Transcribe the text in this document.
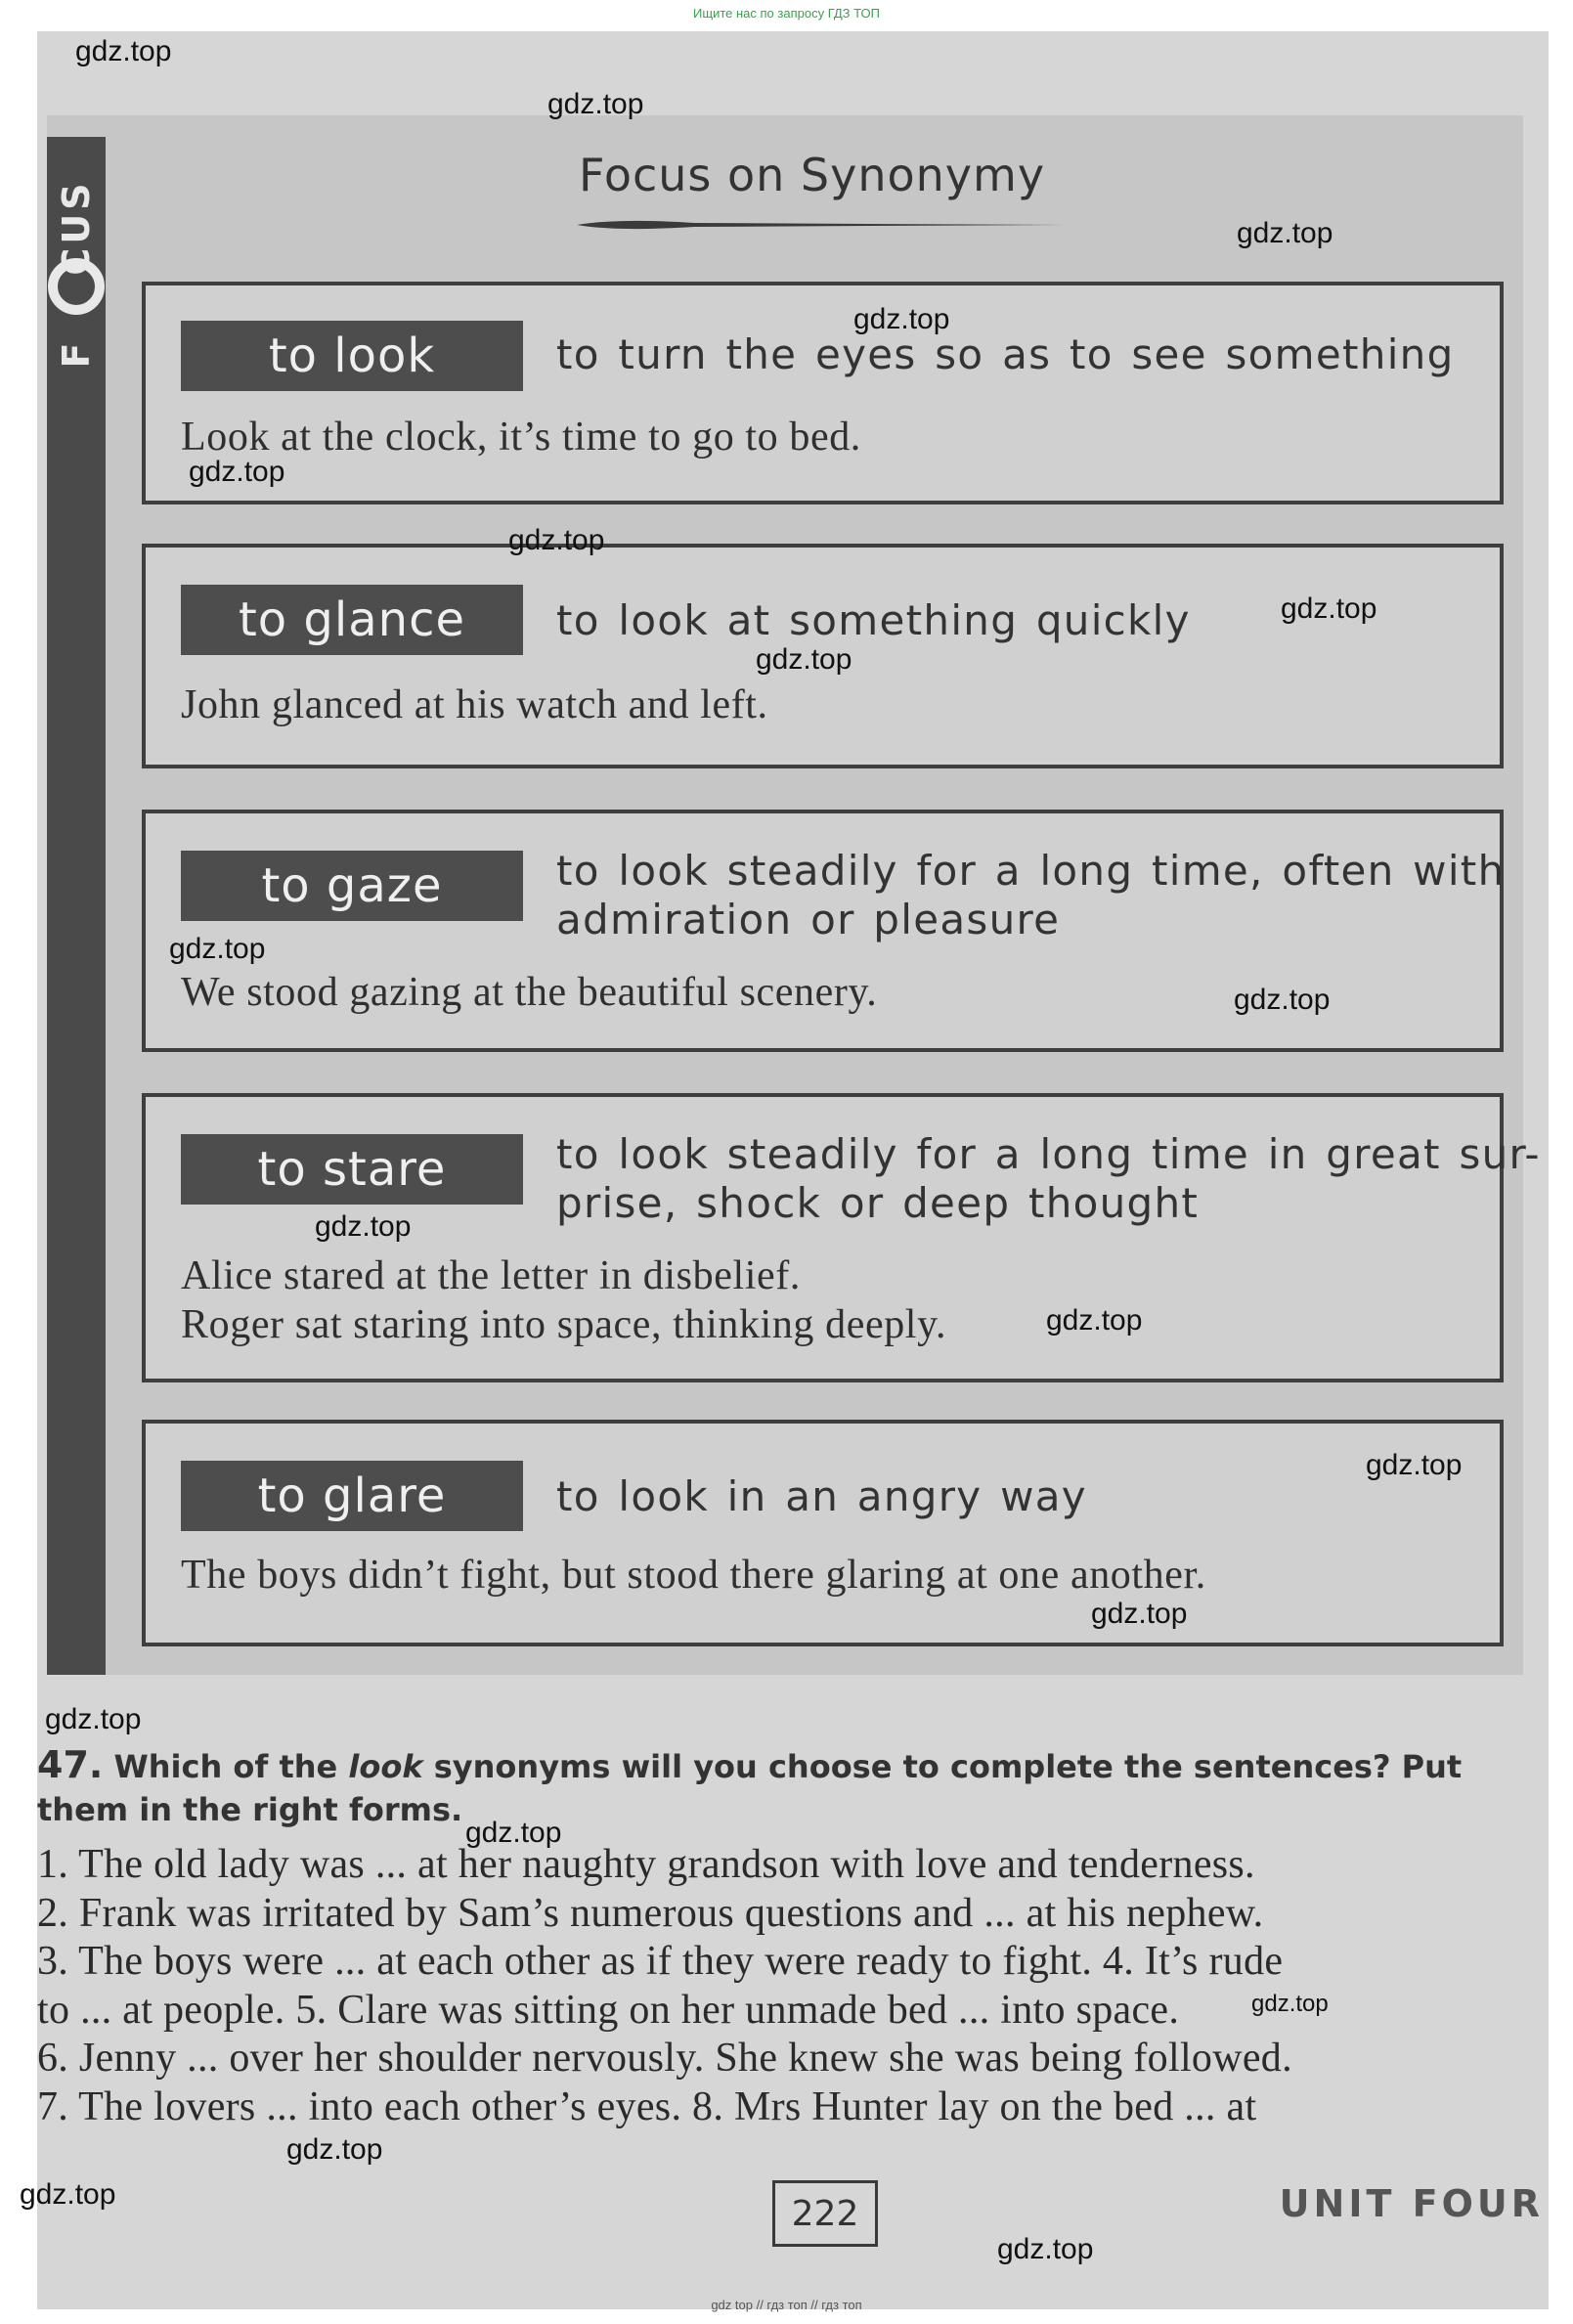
Ищите нас по запросу ГДЗ ТОП
F  CUS
Focus on Synonymy
to look	to turn the eyes so as to see something
Look at the clock, it’s time to go to bed.
to glance	to look at something quickly
John glanced at his watch and left.
to gaze	to look steadily for a long time, often with
admiration or pleasure
We stood gazing at the beautiful scenery.
to stare	to look steadily for a long time in great sur-
prise, shock or deep thought
Alice stared at the letter in disbelief.
Roger sat staring into space, thinking deeply.
to glare	to look in an angry way
The boys didn’t fight, but stood there glaring at one another.
47. Which of the look synonyms will you choose to complete the sentences? Put them in the right forms.
1. The old lady was ... at her naughty grandson with love and tenderness.
2. Frank was irritated by Sam’s numerous questions and ... at his nephew.
3. The boys were ... at each other as if they were ready to fight. 4. It’s rude
to ... at people. 5. Clare was sitting on her unmade bed ... into space.
6. Jenny ... over her shoulder nervously. She knew she was being followed.
7. The lovers ... into each other’s eyes. 8. Mrs Hunter lay on the bed ... at
222	UNIT FOUR
gdz.top
gdz.top
gdz.top
gdz.top
gdz.top
gdz.top
gdz.top
gdz.top
gdz.top
gdz.top
gdz.top
gdz.top
gdz.top
gdz.top
gdz.top
gdz.top
gdz.top
gdz.top
gdz.top
gdz.top
gdz top // гдз топ // гдз топ
